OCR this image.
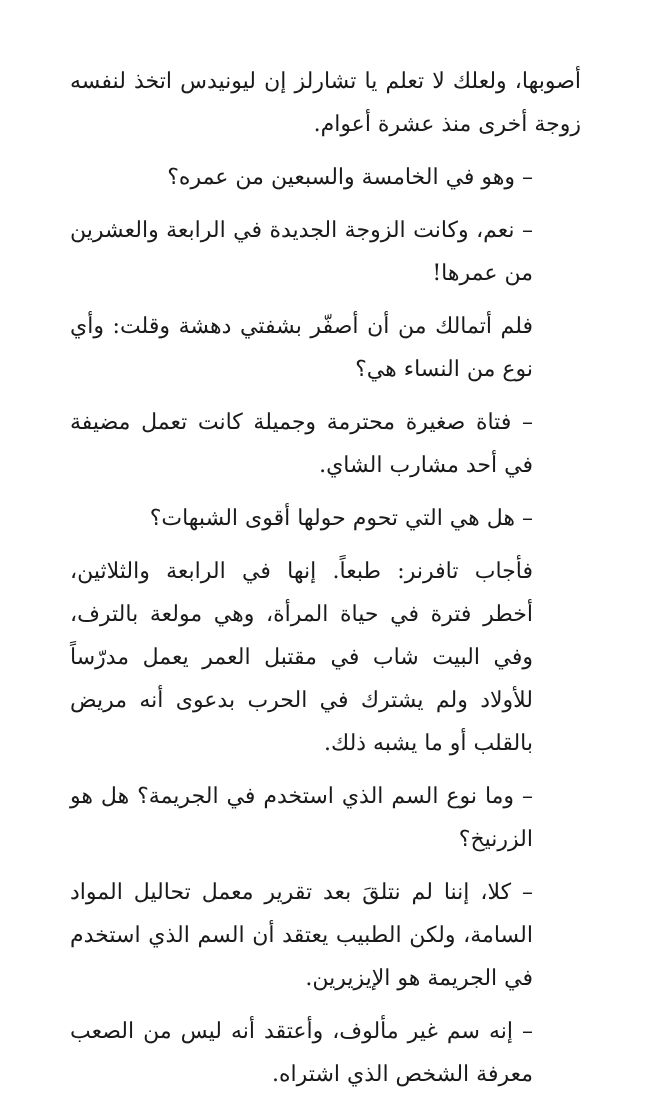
أصوبها، ولعلك لا تعلم يا تشارلز إن ليونيدس اتخذ لنفسه زوجة أخرى منذ عشرة أعوام.

– وهو في الخامسة والسبعين من عمره؟

– نعم، وكانت الزوجة الجديدة في الرابعة والعشرين من عمرها!

فلم أتمالك من أن أصفّر بشفتي دهشة وقلت: وأي نوع من النساء هي؟

– فتاة صغيرة محترمة وجميلة كانت تعمل مضيفة في أحد مشارب الشاي.

– هل هي التي تحوم حولها أقوى الشبهات؟

فأجاب تافرنر: طبعاً. إنها في الرابعة والثلاثين، أخطر فترة في حياة المرأة، وهي مولعة بالترف، وفي البيت شاب في مقتبل العمر يعمل مدرّساً للأولاد ولم يشترك في الحرب بدعوى أنه مريض بالقلب أو ما يشبه ذلك.

– وما نوع السم الذي استخدم في الجريمة؟ هل هو الزرنيخ؟

– كلا، إننا لم نتلقَ بعد تقرير معمل تحاليل المواد السامة، ولكن الطبيب يعتقد أن السم الذي استخدم في الجريمة هو الإيزيرين.

– إنه سم غير مألوف، وأعتقد أنه ليس من الصعب معرفة الشخص الذي اشتراه.
